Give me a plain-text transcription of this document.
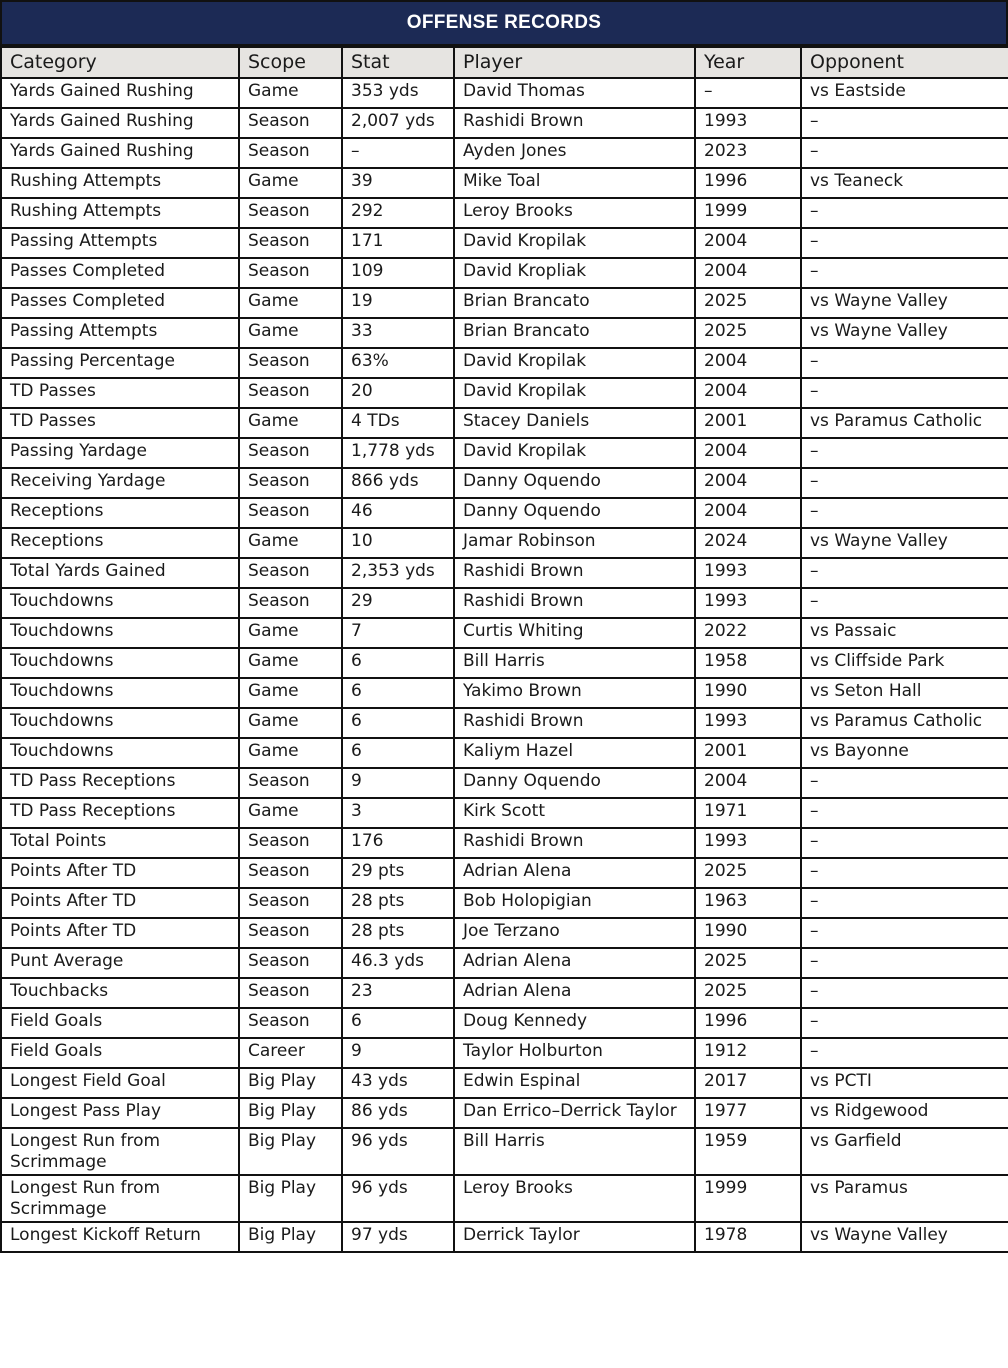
OFFENSE RECORDS
Category	Scope	Stat	Player	Year	Opponent
Yards Gained Rushing	Game	353 yds	David Thomas	–	vs Eastside
Yards Gained Rushing	Season	2,007 yds	Rashidi Brown	1993	–
Yards Gained Rushing	Season	–	Ayden Jones	2023	–
Rushing Attempts	Game	39	Mike Toal	1996	vs Teaneck
Rushing Attempts	Season	292	Leroy Brooks	1999	–
Passing Attempts	Season	171	David Kropilak	2004	–
Passes Completed	Season	109	David Kropliak	2004	–
Passes Completed	Game	19	Brian Brancato	2025	vs Wayne Valley
Passing Attempts	Game	33	Brian Brancato	2025	vs Wayne Valley
Passing Percentage	Season	63%	David Kropilak	2004	–
TD Passes	Season	20	David Kropilak	2004	–
TD Passes	Game	4 TDs	Stacey Daniels	2001	vs Paramus Catholic
Passing Yardage	Season	1,778 yds	David Kropilak	2004	–
Receiving Yardage	Season	866 yds	Danny Oquendo	2004	–
Receptions	Season	46	Danny Oquendo	2004	–
Receptions	Game	10	Jamar Robinson	2024	vs Wayne Valley
Total Yards Gained	Season	2,353 yds	Rashidi Brown	1993	–
Touchdowns	Season	29	Rashidi Brown	1993	–
Touchdowns	Game	7	Curtis Whiting	2022	vs Passaic
Touchdowns	Game	6	Bill Harris	1958	vs Cliffside Park
Touchdowns	Game	6	Yakimo Brown	1990	vs Seton Hall
Touchdowns	Game	6	Rashidi Brown	1993	vs Paramus Catholic
Touchdowns	Game	6	Kaliym Hazel	2001	vs Bayonne
TD Pass Receptions	Season	9	Danny Oquendo	2004	–
TD Pass Receptions	Game	3	Kirk Scott	1971	–
Total Points	Season	176	Rashidi Brown	1993	–
Points After TD	Season	29 pts	Adrian Alena	2025	–
Points After TD	Season	28 pts	Bob Holopigian	1963	–
Points After TD	Season	28 pts	Joe Terzano	1990	–
Punt Average	Season	46.3 yds	Adrian Alena	2025	–
Touchbacks	Season	23	Adrian Alena	2025	–
Field Goals	Season	6	Doug Kennedy	1996	–
Field Goals	Career	9	Taylor Holburton	1912	–
Longest Field Goal	Big Play	43 yds	Edwin Espinal	2017	vs PCTI
Longest Pass Play	Big Play	86 yds	Dan Errico–Derrick Taylor	1977	vs Ridgewood
Longest Run from Scrimmage	Big Play	96 yds	Bill Harris	1959	vs Garfield
Longest Run from Scrimmage	Big Play	96 yds	Leroy Brooks	1999	vs Paramus
Longest Kickoff Return	Big Play	97 yds	Derrick Taylor	1978	vs Wayne Valley
